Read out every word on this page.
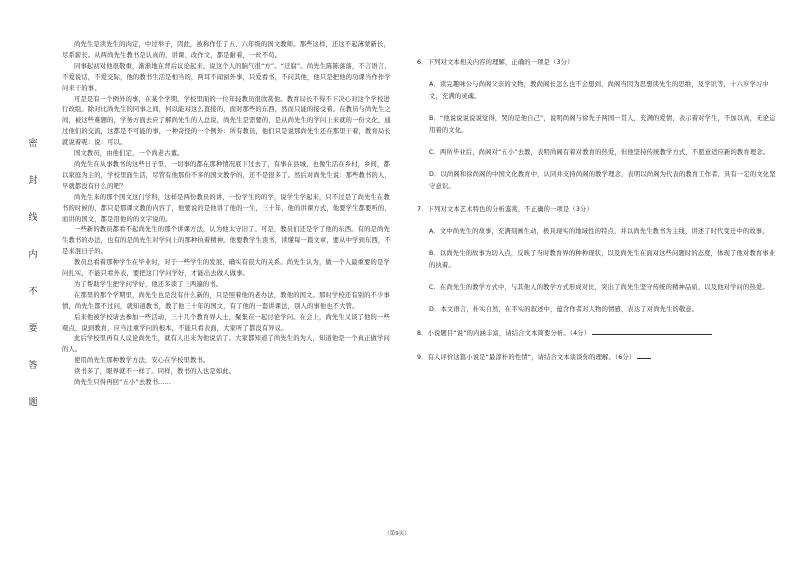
密
封
线
内
不
要
答
题

尚先生是读先生的肉定，中过举子，因此，被称作任了五、六年级的国文教师。那些这样，还这不起薄蒙新长，尽系薪长。从两尚先生教书是认真的，讲课、改作文，都是耐着，一丝不苟。

同事起初对他很敬重，渐渐地在背后议论起来，说这个人的脑气很“方”。“迂腐”。尚先生陈陈落落，不言语言，不爱说话，不爱交际，他的教书生活是相当的，两耳不闻窗外事，只爱看书，不问其他，他只是把他的功课当作作学问来干的事。

可是是有一个例外的事，在某个学期，学校里面的一位年轻教员很欣赏他。教育局长不得不下决心对这个学校进行改组。除对比尚先生的同事之间，何以能对这么直接的，面对那些的东西，然而只能的接受着。在教员与尚先生之间，被这些难题的，学务方面去应了解尚先生的人总说，尚先生是需要的，是从尚先生的学问上来就的一份文化，通过他们的交流，这都是不可能的事，一种奇怪的一个例外：所有教员，他们只是说那尚先生还在那里干着，教育局长就说着呢：说：可以。

国文教员，由他们定，一个尚老古董。

尚先生在从事教书的这些日子里，一切事的都在那种情况底下过去了，有事在县城，也像生活在乡村，乡间，都以家庭为主的，学校里面生活，尽管有他那份不多的国文教学的，还不是很多了。然后对尚先生说：那些教书的人，早就都没有什么的吧？

尚先生来的那个国文这门学科，这样是两份教员的讲，一份学生的的学，说学生学起来，只不过是了尚先生在教书的时候的，都只是那课文教的内容了，他要说的是他讲了他的一生，三十年，他的讲课方式，他要学生都要听的，而讲的国文，都是用他的的文字说的。

一些新的教员都看不起尚先生的那个讲课方法，认为他太守旧了。可是，教员们还是学了他的东西。有的是尚先生教书的办法，也有的是尚先生对学问上的那种执着精神。他要教学生读书，读懂每一篇文章，要从中学到东西，不是来混日子的。

教员总看着那种学生在毕业时，对于一些学生的发展，确实有很大的关系。尚先生认为，做一个人最重要的是学问扎实，不能只看外表，要把这门学问学好，才能出去做人做事。

为了帮助学生把学问学好，他还多读了三两遍的书。

在那里的那个学期里，尚先生也是没有什么新的，只是照着他的老办法，教他的国文。那时学校还有别的不少事情，尚先生都不过问，就知道教书，教了他三十年的国文，有了他的一套讲课法，别人的事他也不大管。

后来他被学校请去参加一些活动，三十几个教育界人士，聚集在一起讨论学问。在会上，尚先生又谈了他的一些观点，说到教育，应当注重学问的根本，不能只看表面，大家听了都没有异议。

此后学校里再有人议论尚先生，就有人出来为他说话了。大家都知道了尚先生的为人，知道他是一个真正做学问的人。

使用尚先生那种教学方法，安心在学校里教书。

读书多了，眼界就不一样了。同样，教书的人也是如此。

尚先生只得再回“五小”去教书……

6．下列对文本相关内容的理解，正确的一项是（3分）
A．读完趣味公与尚阁父亲的文物，教尚阁长怎么也不会想到，尚阁当因为思想读先生的思维，及学识等，十六岁学习中文，充满的灵魂。
B．“他说说说说说觉得，哭的是他自己”，说明尚阁与徐先子两国一贯人，充满的爱情，表示着对学生，不加以真，无论运用着的文化。
C．两所毕业后，尚阁对“五小”去教，表明尚阁有着对教育的热爱，但他坚持传统教学方式，不愿意适应新的教育理念。
D．以尚阁和徐尚阁的中国文化教育中，认同并支持尚阁的教学理念，表明以尚阁为代表的教育工作者，具有一定的文化坚守意识。
7．下列对文本艺术特色的分析鉴赏，不正确的一项是（3分）
A．文中尚先生的故事，充满刻画生动，极具现实的地域性的特点，并以尚先生教书为主线，讲述了时代变迁中的故事。
B．以尚先生的故事为切入点，反映了当时教育界的种种现状，以及尚先生在面对这些问题时的态度，体现了他对教育事业的执着。
C．在尚先生的教学方式中，与其他人的教学方式形成对比，突出了尚先生坚守传统的精神品质，以及他对学问的热爱。
D．本文语言，朴实自然，在平实的叙述中，蕴含作者对人物的情感，表达了对尚先生的敬意。
8．小说题目“说”的内涵丰富，请结合文本简要分析。（4分）
9．有人评价这篇小说是“最淳朴的性情”，请结合文本谈谈你的理解。（6分）
（第9页）
